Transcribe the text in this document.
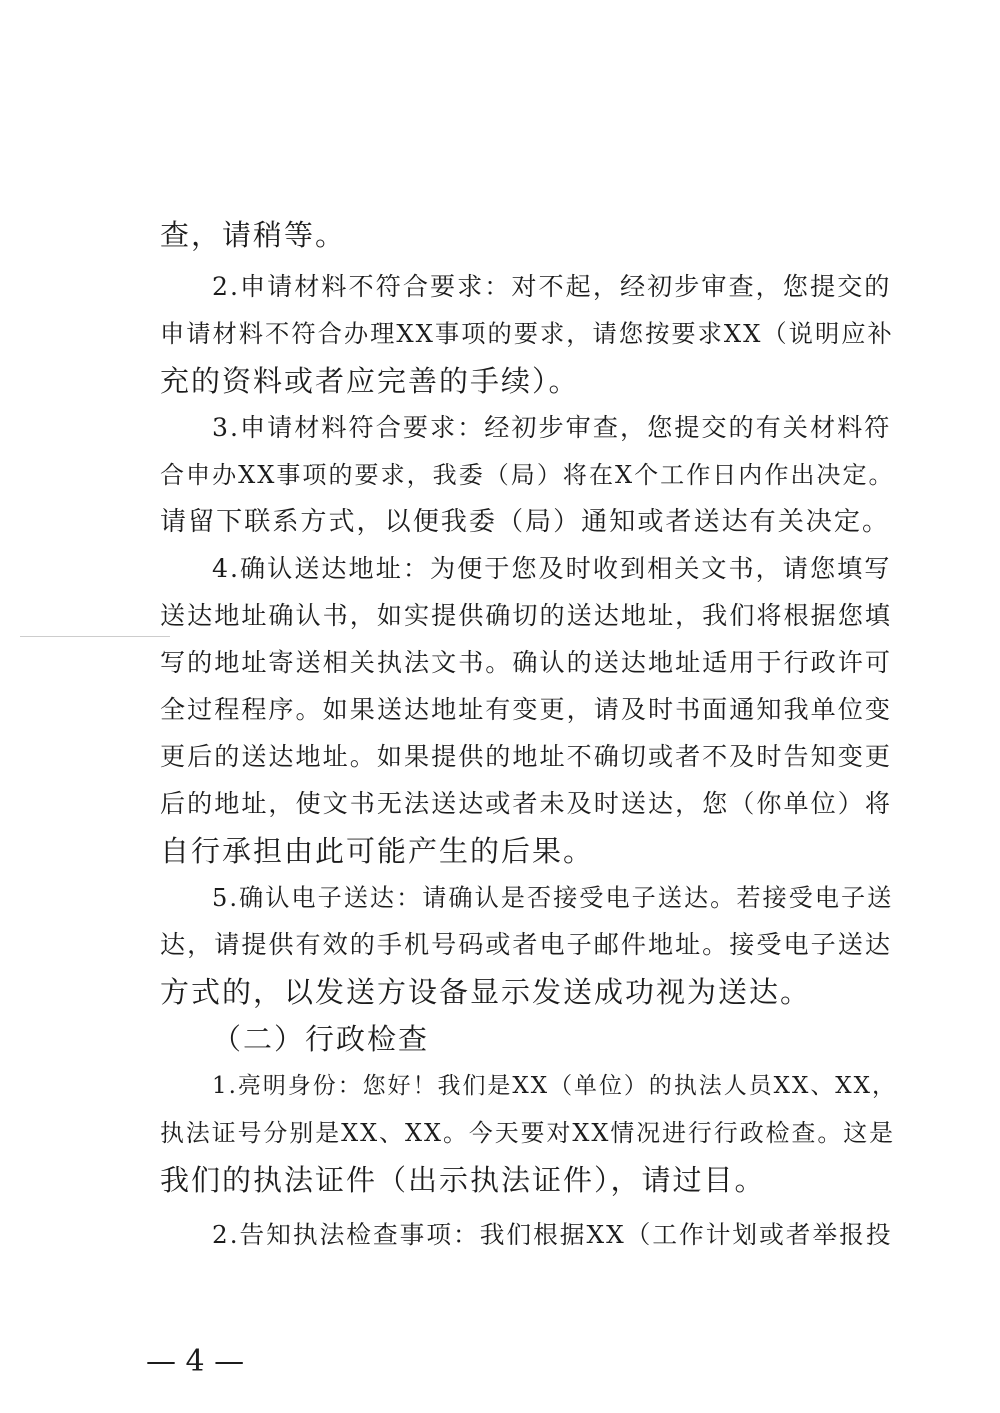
查，请稍等。
2.申请材料不符合要求：对不起，经初步审查，您提交的
申请材料不符合办理XX事项的要求，请您按要求XX（说明应补
充的资料或者应完善的手续）。
3.申请材料符合要求：经初步审查，您提交的有关材料符
合申办XX事项的要求，我委（局）将在X个工作日内作出决定。
请留下联系方式，以便我委（局）通知或者送达有关决定。
4.确认送达地址：为便于您及时收到相关文书，请您填写
送达地址确认书，如实提供确切的送达地址，我们将根据您填
写的地址寄送相关执法文书。确认的送达地址适用于行政许可
全过程程序。如果送达地址有变更，请及时书面通知我单位变
更后的送达地址。如果提供的地址不确切或者不及时告知变更
后的地址，使文书无法送达或者未及时送达，您（你单位）将
自行承担由此可能产生的后果。
5.确认电子送达：请确认是否接受电子送达。若接受电子送
达，请提供有效的手机号码或者电子邮件地址。接受电子送达
方式的，以发送方设备显示发送成功视为送达。
（二）行政检查
1.亮明身份：您好！我们是XX（单位）的执法人员XX、XX，
执法证号分别是XX、XX。今天要对XX情况进行行政检查。这是
我们的执法证件（出示执法证件），请过目。
2.告知执法检查事项：我们根据XX（工作计划或者举报投
— 4 —
